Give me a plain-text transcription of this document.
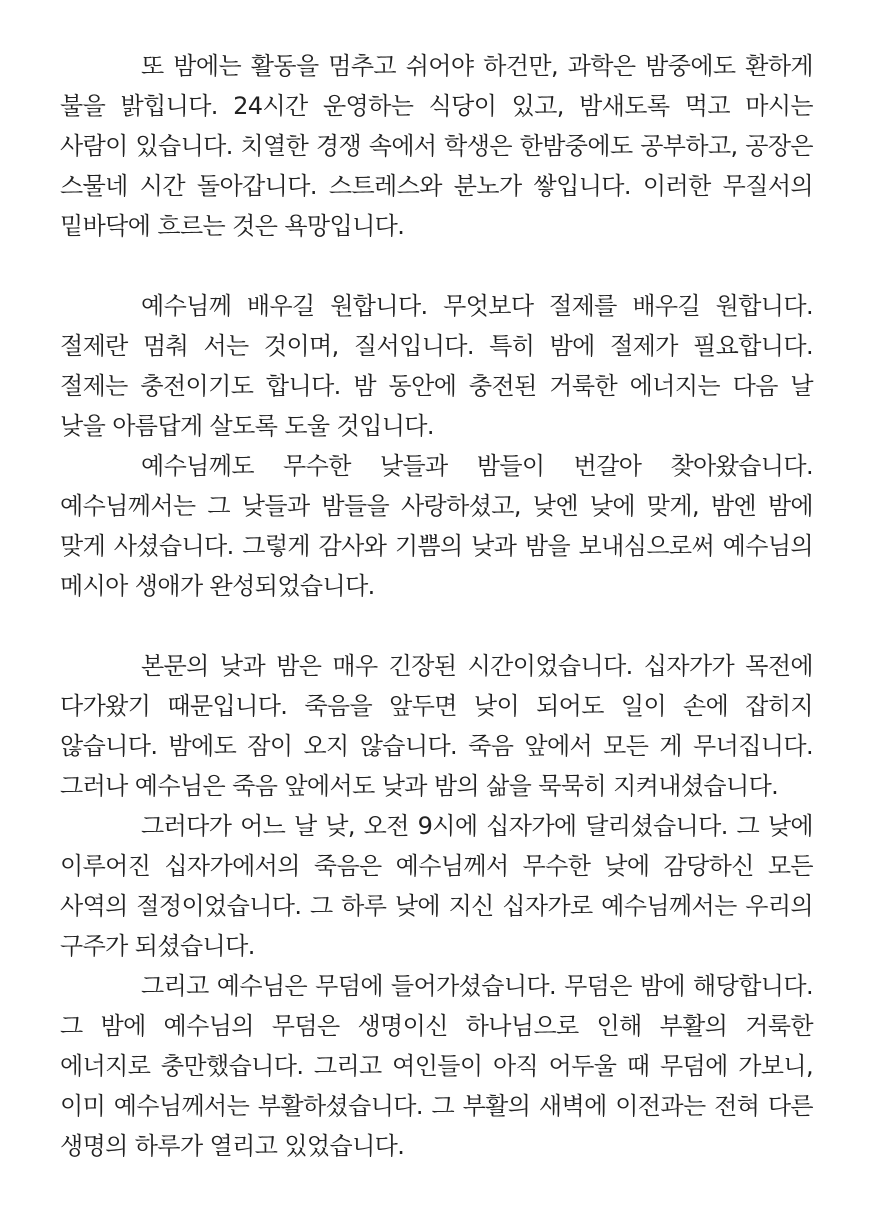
또 밤에는 활동을 멈추고 쉬어야 하건만, 과학은 밤중에도 환하게 불을 밝힙니다. 24시간 운영하는 식당이 있고, 밤새도록 먹고 마시는 사람이 있습니다. 치열한 경쟁 속에서 학생은 한밤중에도 공부하고, 공장은 스물네 시간 돌아갑니다. 스트레스와 분노가 쌓입니다. 이러한 무질서의 밑바닥에 흐르는 것은 욕망입니다.

예수님께 배우길 원합니다. 무엇보다 절제를 배우길 원합니다. 절제란 멈춰 서는 것이며, 질서입니다. 특히 밤에 절제가 필요합니다. 절제는 충전이기도 합니다. 밤 동안에 충전된 거룩한 에너지는 다음 날 낮을 아름답게 살도록 도울 것입니다.

예수님께도 무수한 낮들과 밤들이 번갈아 찾아왔습니다. 예수님께서는 그 낮들과 밤들을 사랑하셨고, 낮엔 낮에 맞게, 밤엔 밤에 맞게 사셨습니다. 그렇게 감사와 기쁨의 낮과 밤을 보내심으로써 예수님의 메시아 생애가 완성되었습니다.

본문의 낮과 밤은 매우 긴장된 시간이었습니다. 십자가가 목전에 다가왔기 때문입니다. 죽음을 앞두면 낮이 되어도 일이 손에 잡히지 않습니다. 밤에도 잠이 오지 않습니다. 죽음 앞에서 모든 게 무너집니다. 그러나 예수님은 죽음 앞에서도 낮과 밤의 삶을 묵묵히 지켜내셨습니다.

그러다가 어느 날 낮, 오전 9시에 십자가에 달리셨습니다. 그 낮에 이루어진 십자가에서의 죽음은 예수님께서 무수한 낮에 감당하신 모든 사역의 절정이었습니다. 그 하루 낮에 지신 십자가로 예수님께서는 우리의 구주가 되셨습니다.

그리고 예수님은 무덤에 들어가셨습니다. 무덤은 밤에 해당합니다. 그 밤에 예수님의 무덤은 생명이신 하나님으로 인해 부활의 거룩한 에너지로 충만했습니다. 그리고 여인들이 아직 어두울 때 무덤에 가보니, 이미 예수님께서는 부활하셨습니다. 그 부활의 새벽에 이전과는 전혀 다른 생명의 하루가 열리고 있었습니다.
